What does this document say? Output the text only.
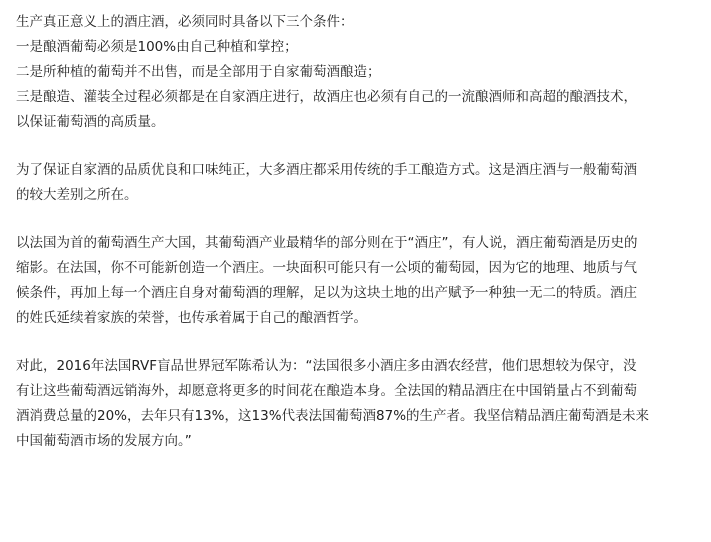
生产真正意义上的酒庄酒，必须同时具备以下三个条件：
一是酿酒葡萄必须是100%由自己种植和掌控；
二是所种植的葡萄并不出售，而是全部用于自家葡萄酒酿造；
三是酿造、灌装全过程必须都是在自家酒庄进行，故酒庄也必须有自己的一流酿酒师和高超的酿酒技术，
以保证葡萄酒的高质量。
为了保证自家酒的品质优良和口味纯正，大多酒庄都采用传统的手工酿造方式。这是酒庄酒与一般葡萄酒
的较大差别之所在。
以法国为首的葡萄酒生产大国，其葡萄酒产业最精华的部分则在于“酒庄”，有人说，酒庄葡萄酒是历史的
缩影。在法国，你不可能新创造一个酒庄。一块面积可能只有一公顷的葡萄园，因为它的地理、地质与气
候条件，再加上每一个酒庄自身对葡萄酒的理解，足以为这块土地的出产赋予一种独一无二的特质。酒庄
的姓氏延续着家族的荣誉，也传承着属于自己的酿酒哲学。
对此，2016年法国RVF盲品世界冠军陈希认为：“法国很多小酒庄多由酒农经营，他们思想较为保守，没
有让这些葡萄酒远销海外，却愿意将更多的时间花在酿造本身。全法国的精品酒庄在中国销量占不到葡萄
酒消费总量的20%，去年只有13%，这13%代表法国葡萄酒87%的生产者。我坚信精品酒庄葡萄酒是未来
中国葡萄酒市场的发展方向。”
